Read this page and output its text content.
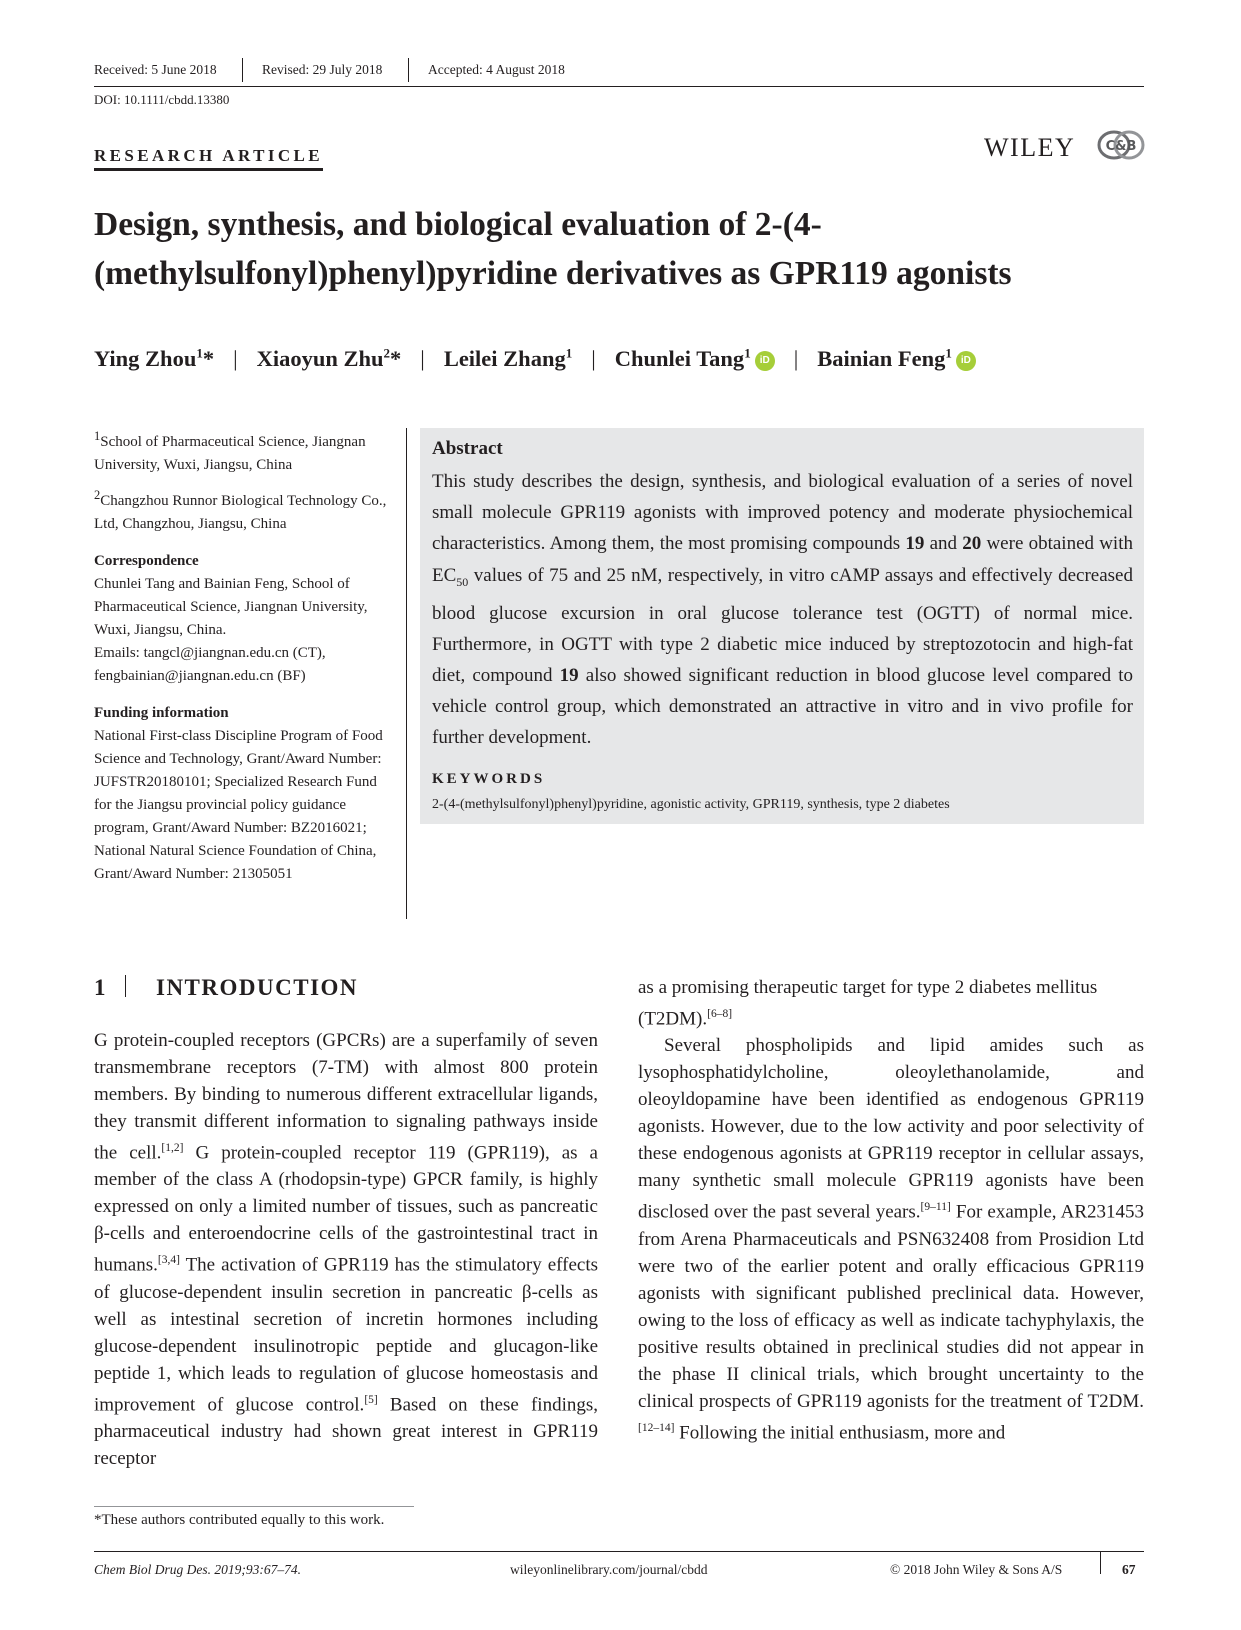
Received: 5 June 2018	Revised: 29 July 2018	Accepted: 4 August 2018
DOI: 10.1111/cbdd.13380
RESEARCH ARTICLE	WILEY C&B
Design, synthesis, and biological evaluation of 2-(4-
(methylsulfonyl)phenyl)pyridine derivatives as GPR119 agonists
Ying Zhou$^1$* | Xiaoyun Zhu$^2$* | Leilei Zhang$^1$ | Chunlei Tang$^1$ iD | Bainian Feng$^1$ iD

$^1$School of Pharmaceutical Science, Jiangnan University, Wuxi, Jiangsu, China

$^2$Changzhou Runnor Biological Technology Co., Ltd, Changzhou, Jiangsu, China

Correspondence
Chunlei Tang and Bainian Feng, School of Pharmaceutical Science, Jiangnan University, Wuxi, Jiangsu, China.
Emails: tangcl@jiangnan.edu.cn (CT),
fengbainian@jiangnan.edu.cn (BF)
Funding information
National First-class Discipline Program of Food Science and Technology, Grant/Award Number: JUFSTR20180101; Specialized Research Fund for the Jiangsu provincial policy guidance program, Grant/Award Number: BZ2016021; National Natural Science Foundation of China, Grant/Award Number: 21305051
Abstract
This study describes the design, synthesis, and biological evaluation of a series of novel small molecule GPR119 agonists with improved potency and moderate physiochemical characteristics. Among them, the most promising compounds 19 and 20 were obtained with $EC_{50}$ values of 75 and 25 nM, respectively, in vitro cAMP assays and effectively decreased blood glucose excursion in oral glucose tolerance test (OGTT) of normal mice. Furthermore, in OGTT with type 2 diabetic mice induced by streptozotocin and high-fat diet, compound 19 also showed significant reduction in blood glucose level compared to vehicle control group, which demonstrated an attractive in vitro and in vivo profile for further development.
KEYWORDS
2-(4-(methylsulfonyl)phenyl)pyridine, agonistic activity, GPR119, synthesis, type 2 diabetes
1 INTRODUCTION

G protein-coupled receptors (GPCRs) are a superfamily of seven transmembrane receptors (7-TM) with almost 800 protein members. By binding to numerous different extracellular ligands, they transmit different information to signaling pathways inside the cell.[1,2] G protein-coupled receptor 119 (GPR119), as a member of the class A (rhodopsin-type) GPCR family, is highly expressed on only a limited number of tissues, such as pancreatic β-cells and enteroendocrine cells of the gastrointestinal tract in humans.[3,4] The activation of GPR119 has the stimulatory effects of glucose-dependent insulin secretion in pancreatic β-cells as well as intestinal secretion of incretin hormones including glucose-dependent insulinotropic peptide and glucagon-like peptide 1, which leads to regulation of glucose homeostasis and improvement of glucose control.[5] Based on these findings, pharmaceutical industry had shown great interest in GPR119 receptor

as a promising therapeutic target for type 2 diabetes mellitus (T2DM).[6–8]

Several phospholipids and lipid amides such as lysophosphatidylcholine, oleoylethanolamide, and oleoyldopamine have been identified as endogenous GPR119 agonists. However, due to the low activity and poor selectivity of these endogenous agonists at GPR119 receptor in cellular assays, many synthetic small molecule GPR119 agonists have been disclosed over the past several years.[9–11] For example, AR231453 from Arena Pharmaceuticals and PSN632408 from Prosidion Ltd were two of the earlier potent and orally efficacious GPR119 agonists with significant published preclinical data. However, owing to the loss of efficacy as well as indicate tachyphylaxis, the positive results obtained in preclinical studies did not appear in the phase II clinical trials, which brought uncertainty to the clinical prospects of GPR119 agonists for the treatment of T2DM.[12–14] Following the initial enthusiasm, more and

*These authors contributed equally to this work.
Chem Biol Drug Des. 2019;93:67–74.	wileyonlinelibrary.com/journal/cbdd	© 2018 John Wiley & Sons A/S	67
